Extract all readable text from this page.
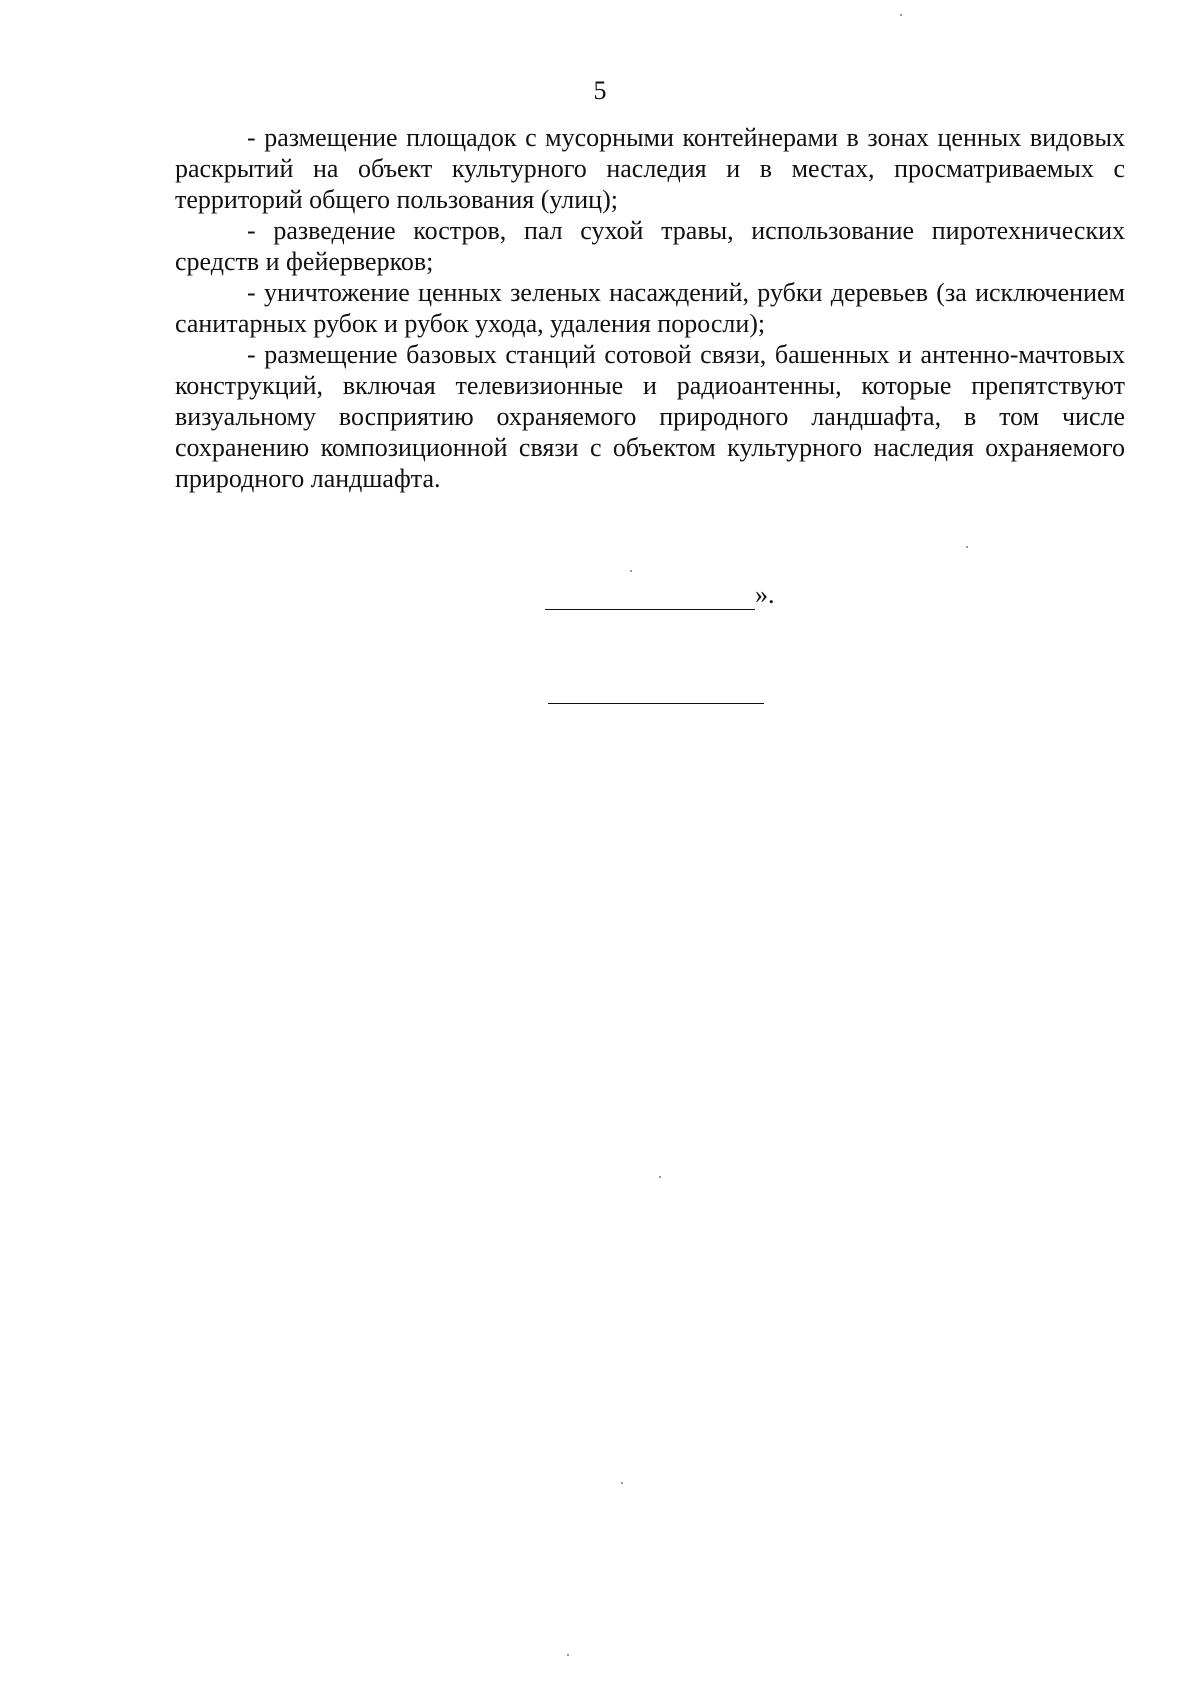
5

- размещение площадок с мусорными контейнерами в зонах ценных видовых раскрытий на объект культурного наследия и в местах, просматриваемых с территорий общего пользования (улиц);

- разведение костров, пал сухой травы, использование пиротехнических средств и фейерверков;

- уничтожение ценных зеленых насаждений, рубки деревьев (за исключением санитарных рубок и рубок ухода, удаления поросли);

- размещение базовых станций сотовой связи, башенных и антенно-мачтовых конструкций, включая телевизионные и радиоантенны, которые препятствуют визуальному восприятию охраняемого природного ландшафта, в том числе сохранению композиционной связи с объектом культурного наследия охраняемого природного ландшафта.

».
